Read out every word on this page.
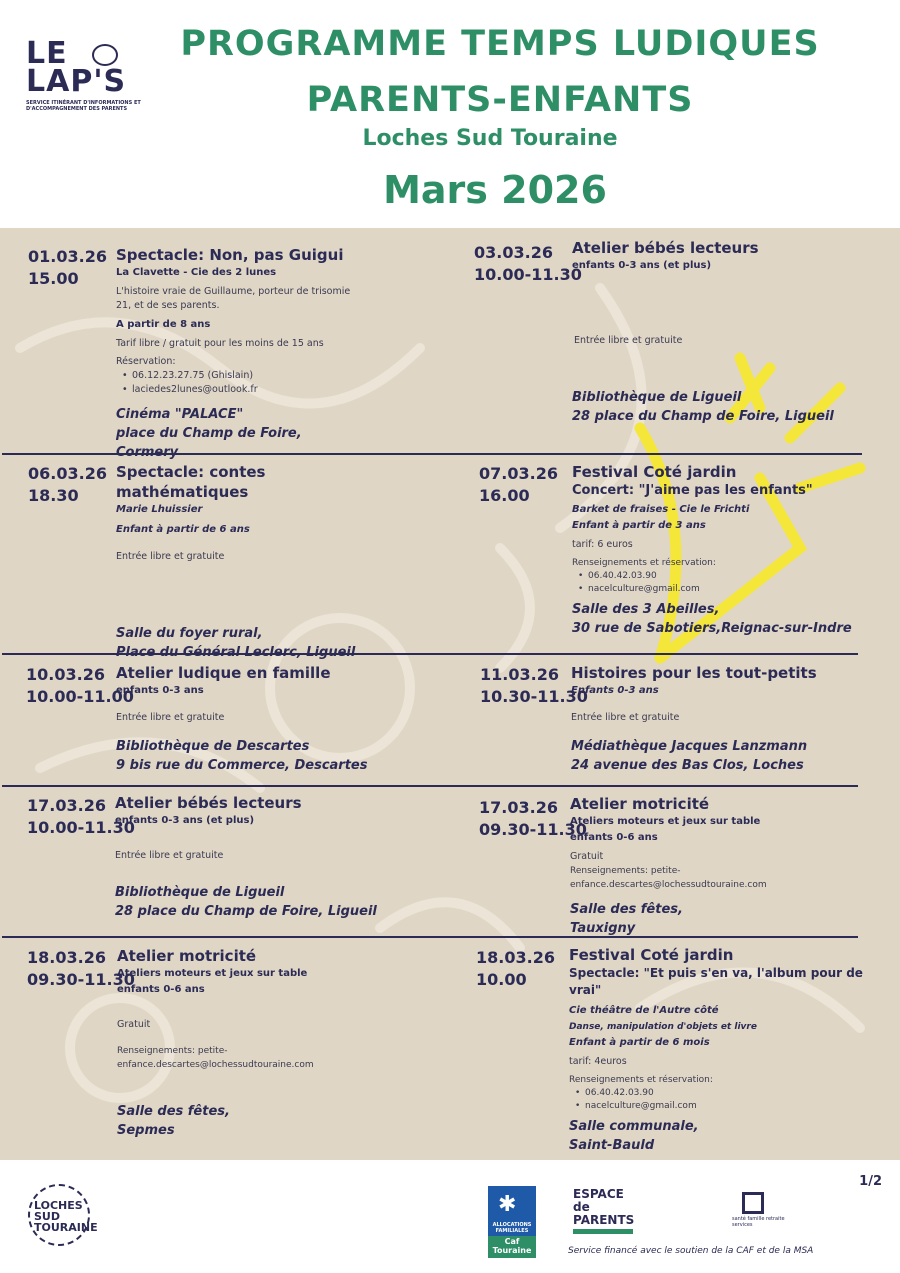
LE
LAP'S
SERVICE ITINÉRANT D'INFORMATIONS ET D'ACCOMPAGNEMENT DES PARENTS
PROGRAMME TEMPS LUDIQUES
PARENTS-ENFANTS
Loches Sud Touraine
Mars 2026
01.03.26
15.00
Spectacle: Non, pas Guigui
La Clavette - Cie des 2 lunes
L'histoire vraie de Guillaume, porteur de trisomie 21, et de ses parents.
A partir de 8 ans
Tarif libre / gratuit pour les moins de 15 ans
Réservation:
• 06.12.23.27.75 (Ghislain)
• laciedes2lunes@outlook.fr
Cinéma "PALACE"
place du Champ de Foire, Cormery
03.03.26
10.00-11.30
Atelier bébés lecteurs
enfants 0-3 ans (et plus)
Entrée libre et gratuite
Bibliothèque de Ligueil
28 place du Champ de Foire, Ligueil
06.03.26
18.30
Spectacle: contes mathématiques
Marie Lhuissier
Enfant à partir de 6 ans
Entrée libre et gratuite
Salle du foyer rural,
Place du Général Leclerc, Ligueil
07.03.26
16.00
Festival Coté jardin
Concert: "J'aime pas les enfants"
Barket de fraises - Cie le Frichti
Enfant à partir de 3 ans
tarif: 6 euros
Renseignements et réservation:
• 06.40.42.03.90
• nacelculture@gmail.com
Salle des 3 Abeilles,
30 rue de Sabotiers,Reignac-sur-Indre
10.03.26
10.00-11.00
Atelier ludique en famille
enfants 0-3 ans
Entrée libre et gratuite
Bibliothèque de Descartes
9 bis rue du Commerce, Descartes
11.03.26
10.30-11.30
Histoires pour les tout-petits
Enfants 0-3 ans
Entrée libre et gratuite
Médiathèque Jacques Lanzmann
24 avenue des Bas Clos, Loches
17.03.26
10.00-11.30
Atelier bébés lecteurs
enfants 0-3 ans (et plus)
Entrée libre et gratuite
Bibliothèque de Ligueil
28 place du Champ de Foire, Ligueil
17.03.26
09.30-11.30
Atelier motricité
Ateliers moteurs et jeux sur table
enfants 0-6 ans
Gratuit
Renseignements: petite-enfance.descartes@lochessudtouraine.com
Salle des fêtes,
Tauxigny
18.03.26
09.30-11.30
Atelier motricité
Ateliers moteurs et jeux sur table
enfants 0-6 ans
Gratuit
Renseignements: petite-enfance.descartes@lochessudtouraine.com
Salle des fêtes,
Sepmes
18.03.26
10.00
Festival Coté jardin
Spectacle: "Et puis s'en va, l'album pour de vrai"
Cie théâtre de l'Autre côté
Danse, manipulation d'objets et livre
Enfant à partir de 6 mois
tarif: 4euros
Renseignements et réservation:
• 06.40.42.03.90
• nacelculture@gmail.com
Salle communale,
Saint-Bauld
LOCHES SUD TOURAINE
✱
ALLOCATIONS FAMILIALES
Caf Touraine
ESPACE de PARENTS	santé famille retraite services
1/2
Service financé avec le soutien de la CAF et de la MSA
